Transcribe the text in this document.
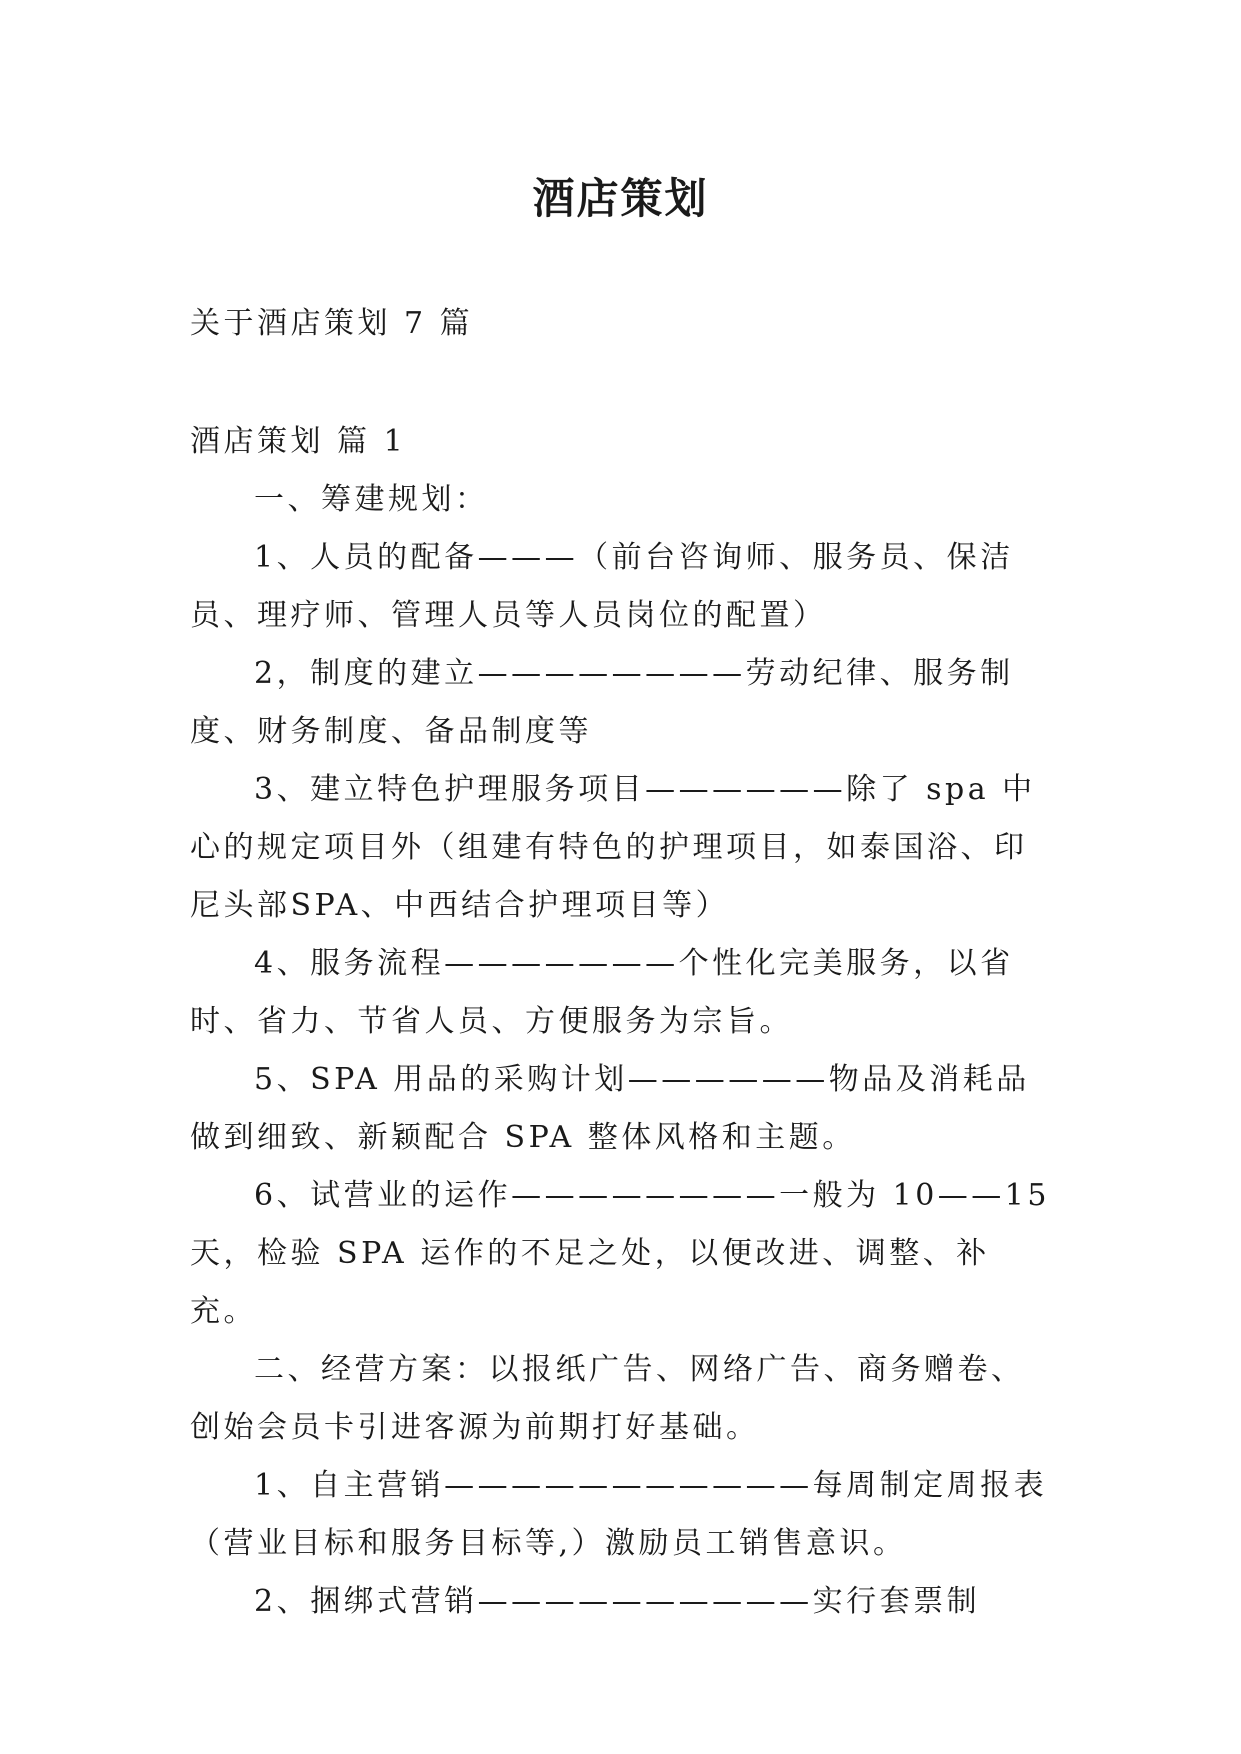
酒店策划

关于酒店策划 7 篇

酒店策划 篇 1

一、筹建规划：

1、人员的配备———（前台咨询师、服务员、保洁员、理疗师、管理人员等人员岗位的配置）

2，制度的建立————————劳动纪律、服务制度、财务制度、备品制度等

3、建立特色护理服务项目——————除了 spa 中心的规定项目外（组建有特色的护理项目，如泰国浴、印尼头部SPA、中西结合护理项目等）

4、服务流程———————个性化完美服务，以省时、省力、节省人员、方便服务为宗旨。

5、SPA 用品的采购计划——————物品及消耗品做到细致、新颖配合 SPA 整体风格和主题。

6、试营业的运作————————一般为 10——15 天，检验 SPA 运作的不足之处，以便改进、调整、补充。

二、经营方案：以报纸广告、网络广告、商务赠卷、创始会员卡引进客源为前期打好基础。

1、自主营销———————————每周制定周报表（营业目标和服务目标等,）激励员工销售意识。

2、捆绑式营销——————————实行套票制
